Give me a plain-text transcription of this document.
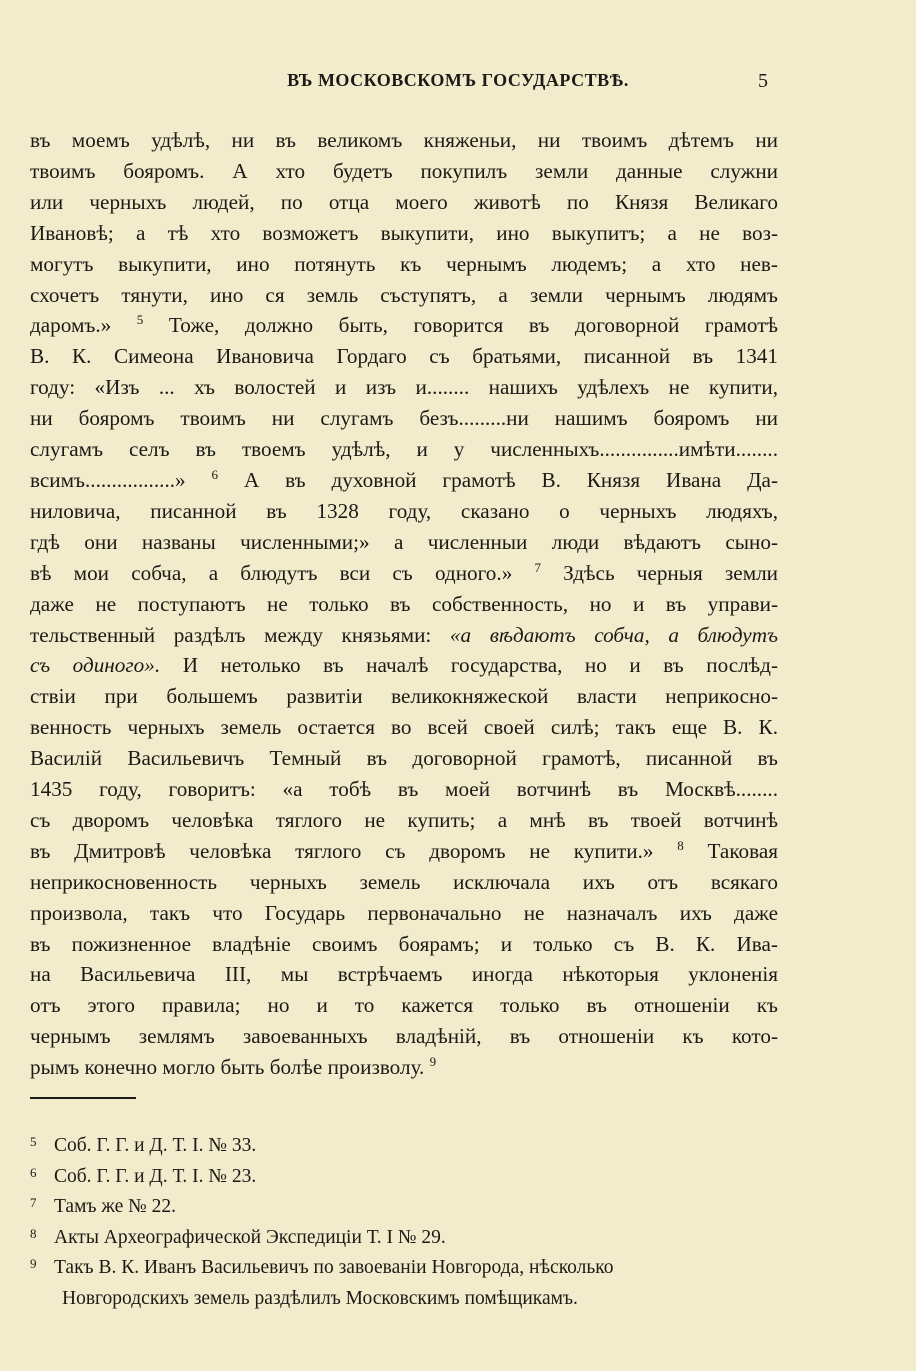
ВЪ МОСКОВСКОМЪ ГОСУДАРСТВѢ.	5
въ моемъ удѣлѣ, ни въ великомъ княженьи, ни твоимъ дѣтемъ ни
твоимъ бояромъ. А хто будетъ покупилъ земли данные служни
или черныхъ людей, по отца моего животѣ по Князя Великаго
Ивановѣ; а тѣ хто возможетъ выкупити, ино выкупитъ; а не воз-
могутъ выкупити, ино потянуть къ чернымъ людемъ; а хто нев-
схочетъ тянути, ино ся земль съступятъ, а земли чернымъ людямъ
даромъ.» $^5$ Тоже, должно быть, говорится въ договорной грамотѣ
В. К. Симеона Ивановича Гордаго съ братьями, писанной въ 1341
году: «Изъ ... хъ волостей и изъ и........ нашихъ удѣлехъ не купити,
ни бояромъ твоимъ ни слугамъ безъ.........ни нашимъ бояромъ ни
слугамъ селъ въ твоемъ удѣлѣ, и у численныхъ...............имѣти........
всимъ.................» $^6$ А въ духовной грамотѣ В. Князя Ивана Да-
ниловича, писанной въ 1328 году, сказано о черныхъ людяхъ,
гдѣ они названы численными;» а численныи люди вѣдаютъ сыно-
вѣ мои собча, а блюдутъ вси съ одного.» $^7$ Здѣсь черныя земли
даже не поступаютъ не только въ собственность, но и въ управи-
тельственный раздѣлъ между князьями: «а вѣдаютъ собча, а блюдутъ
съ одиного». И нетолько въ началѣ государства, но и въ послѣд-
ствіи при большемъ развитіи великокняжеской власти неприкосно-
венность черныхъ земель остается во всей своей силѣ; такъ еще В. К.
Василій Васильевичъ Темный въ договорной грамотѣ, писанной въ
1435 году, говоритъ: «а тобѣ въ моей вотчинѣ въ Москвѣ........
съ дворомъ человѣка тяглого не купить; а мнѣ въ твоей вотчинѣ
въ Дмитровѣ человѣка тяглого съ дворомъ не купити.» $^8$ Таковая
неприкосновенность черныхъ земель исключала ихъ отъ всякаго
произвола, такъ что Государь первоначально не назначалъ ихъ даже
въ пожизненное владѣніе своимъ боярамъ; и только съ В. К. Ива-
на Васильевича III, мы встрѣчаемъ иногда нѣкоторыя уклоненія
отъ этого правила; но и то кажется только въ отношеніи къ
чернымъ землямъ завоеванныхъ владѣній, въ отношеніи къ кото-
рымъ конечно могло быть болѣе произволу. $^9$
5 Соб. Г. Г. и Д. Т. I. № 33.
6 Соб. Г. Г. и Д. Т. I. № 23.
7 Тамъ же № 22.
8 Акты Археографической Экспедиціи Т. I № 29.
9 Такъ В. К. Иванъ Васильевичъ по завоеваніи Новгорода, нѣсколько
Новгородскихъ земель раздѣлилъ Московскимъ помѣщикамъ.
